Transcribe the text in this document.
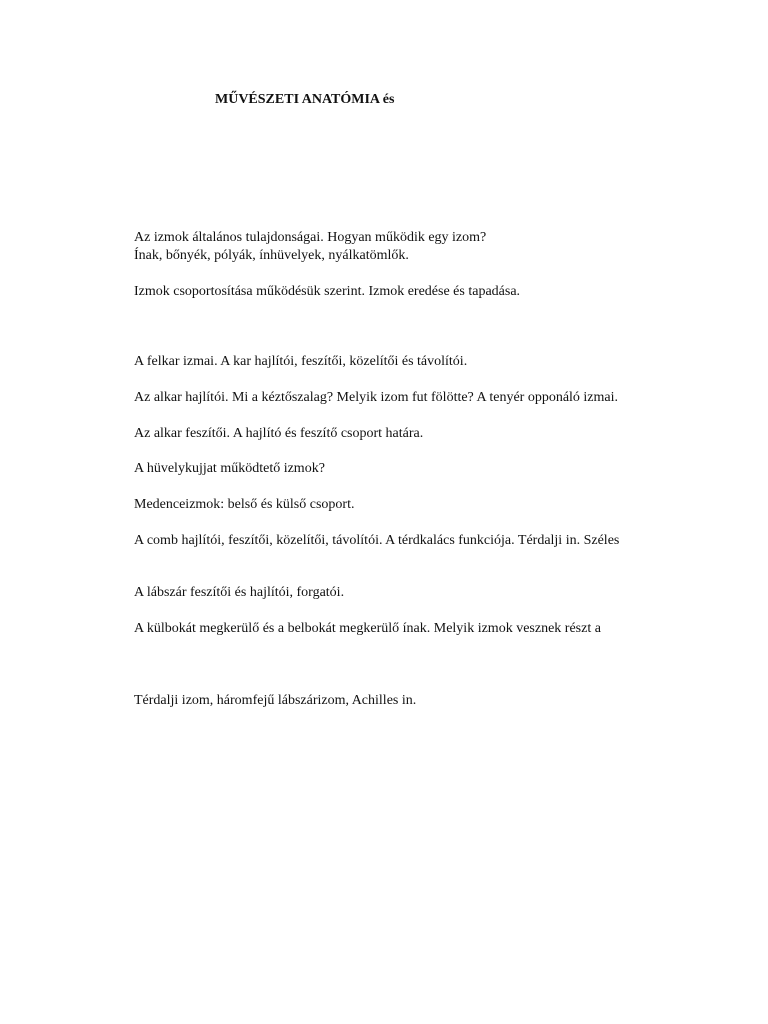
MŰVÉSZETI ANATÓMIA és
Az izmok általános tulajdonságai. Hogyan működik egy izom?
Ínak, bőnyék, pólyák, ínhüvelyek, nyálkatömlők.
Izmok csoportosítása működésük szerint. Izmok eredése és tapadása.
A felkar izmai. A kar hajlítói, feszítői, közelítői és távolítói.
Az alkar hajlítói. Mi a kéztőszalag? Melyik izom fut fölötte? A tenyér opponáló izmai.
Az alkar feszítői. A hajlító és feszítő csoport határa.
A hüvelykujjat működtető izmok?
Medenceizmok: belső és külső csoport.
A comb hajlítói, feszítői, közelítői, távolítói. A térdkalács funkciója. Térdalji in. Széles
A lábszár feszítői és hajlítói, forgatói.
A külbokát megkerülő és a belbokát megkerülő ínak. Melyik izmok vesznek részt a
Térdalji izom, háromfejű lábszárizom, Achilles in.
